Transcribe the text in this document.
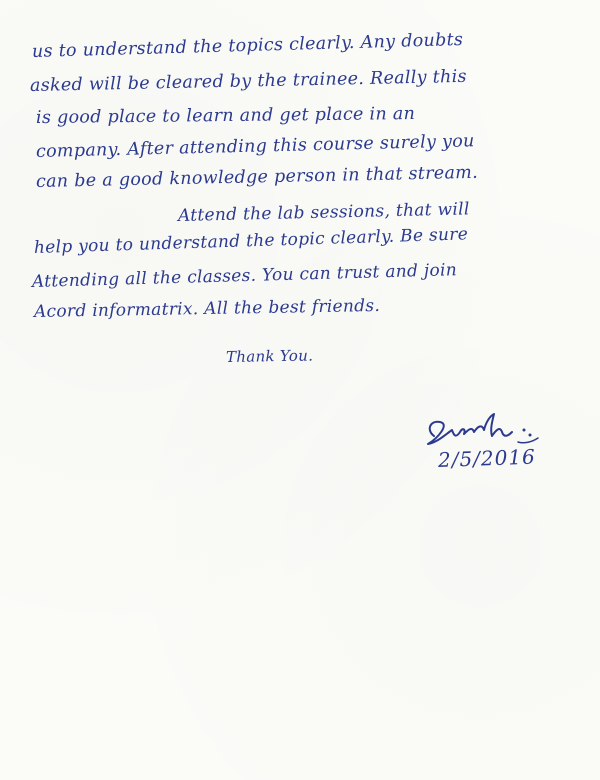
us to understand the topics clearly. Any doubts
asked will be cleared by the trainee. Really this
is good place to learn and get place in an
company. After attending this course surely you
can be a good knowledge person in that stream.
Attend the lab sessions, that will
help you to understand the topic clearly. Be sure
Attending all the classes. You can trust and join
Acord informatrix. All the best friends.
Thank You.
2/5/2016
